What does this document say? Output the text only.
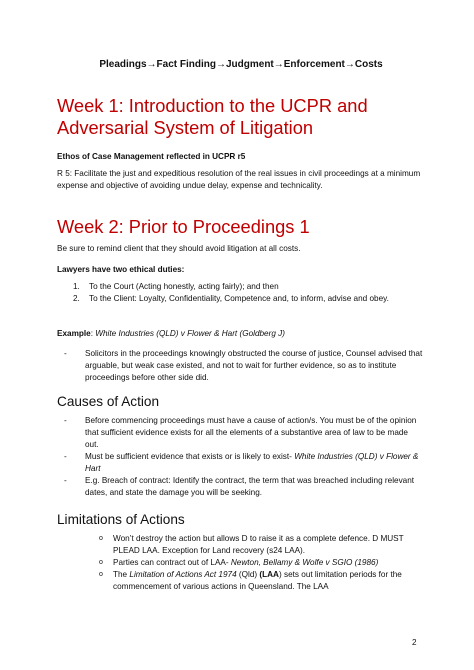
Pleadings→Fact Finding→Judgment→Enforcement→Costs
Week 1: Introduction to the UCPR and Adversarial System of Litigation
Ethos of Case Management reflected in UCPR r5
R 5: Facilitate the just and expeditious resolution of the real issues in civil proceedings at a minimum expense and objective of avoiding undue delay, expense and technicality.
Week 2: Prior to Proceedings 1
Be sure to remind client that they should avoid litigation at all costs.
Lawyers have two ethical duties:
1.	To the Court (Acting honestly, acting fairly); and then
2.	To the Client: Loyalty, Confidentiality, Competence and, to inform, advise and obey.
Example: White Industries (QLD) v Flower & Hart (Goldberg J)
-	Solicitors in the proceedings knowingly obstructed the course of justice, Counsel advised that arguable, but weak case existed, and not to wait for further evidence, so as to institute proceedings before other side did.
Causes of Action
-	Before commencing proceedings must have a cause of action/s. You must be of the opinion that sufficient evidence exists for all the elements of a substantive area of law to be made out.
-	Must be sufficient evidence that exists or is likely to exist- White Industries (QLD) v Flower & Hart
-	E.g. Breach of contract: Identify the contract, the term that was breached including relevant dates, and state the damage you will be seeking.
Limitations of Actions
o	Won’t destroy the action but allows D to raise it as a complete defence. D MUST PLEAD LAA. Exception for Land recovery (s24 LAA).
o	Parties can contract out of LAA- Newton, Bellamy & Wolfe v SGIO (1986)
o	The Limitation of Actions Act 1974 (Qld) (LAA) sets out limitation periods for the commencement of various actions in Queensland. The LAA
2
